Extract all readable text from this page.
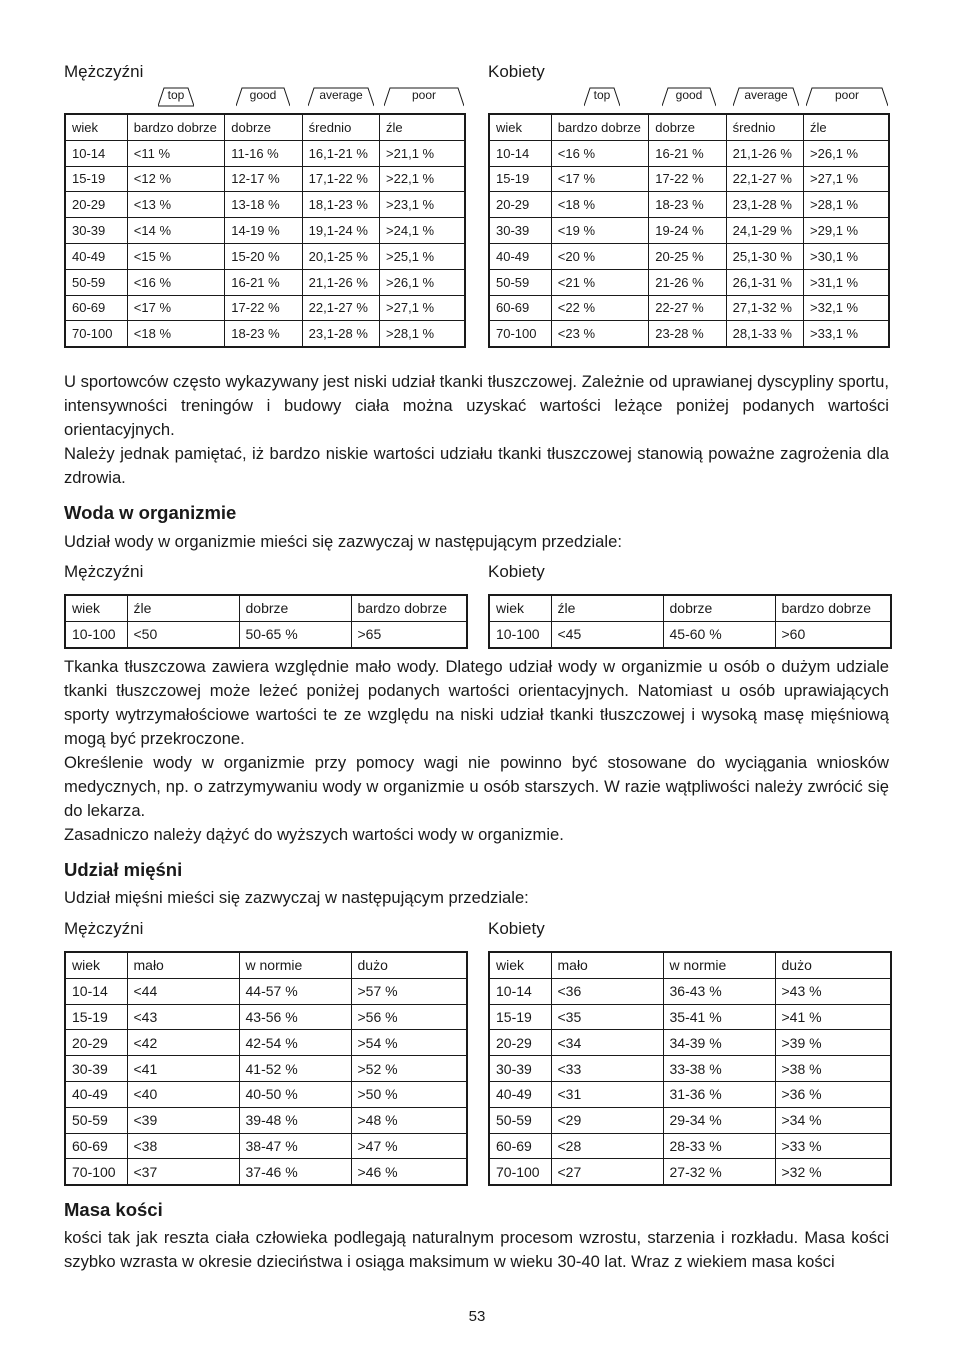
Mężczyźni	Kobiety
top	good	average	poor	top	good	average	poor
wiek	bardzo dobrze	dobrze	średnio	źle
10-14	<11 %	11-16 %	16,1-21 %	>21,1 %
15-19	<12 %	12-17 %	17,1-22 %	>22,1 %
20-29	<13 %	13-18 %	18,1-23 %	>23,1 %
30-39	<14 %	14-19 %	19,1-24 %	>24,1 %
40-49	<15 %	15-20 %	20,1-25 %	>25,1 %
50-59	<16 %	16-21 %	21,1-26 %	>26,1 %
60-69	<17 %	17-22 %	22,1-27 %	>27,1 %
70-100	<18 %	18-23 %	23,1-28 %	>28,1 %
wiek	bardzo dobrze	dobrze	średnio	źle
10-14	<16 %	16-21 %	21,1-26 %	>26,1 %
15-19	<17 %	17-22 %	22,1-27 %	>27,1 %
20-29	<18 %	18-23 %	23,1-28 %	>28,1 %
30-39	<19 %	19-24 %	24,1-29 %	>29,1 %
40-49	<20 %	20-25 %	25,1-30 %	>30,1 %
50-59	<21 %	21-26 %	26,1-31 %	>31,1 %
60-69	<22 %	22-27 %	27,1-32 %	>32,1 %
70-100	<23 %	23-28 %	28,1-33 %	>33,1 %

U sportowców często wykazywany jest niski udział tkanki tłuszczowej. Zależnie od uprawianej dyscypliny sportu, intensywności treningów i budowy ciała można uzyskać wartości leżące poniżej podanych wartości orientacyjnych.

Należy jednak pamiętać, iż bardzo niskie wartości udziału tkanki tłuszczowej stanowią poważne zagrożenia dla zdrowia.

Woda w organizmie
Udział wody w organizmie mieści się zazwyczaj w następującym przedziale:
Mężczyźni	Kobiety
wiek	źle	dobrze	bardzo dobrze
10-100	<50	50-65 %	>65
wiek	źle	dobrze	bardzo dobrze
10-100	<45	45-60 %	>60

Tkanka tłuszczowa zawiera względnie mało wody. Dlatego udział wody w organizmie u osób o dużym udziale tkanki tłuszczowej może leżeć poniżej podanych wartości orientacyjnych. Natomiast u osób uprawiających sporty wytrzymałościowe wartości te ze względu na niski udział tkanki tłuszczowej i wysoką masę mięśniową mogą być przekroczone.

Określenie wody w organizmie przy pomocy wagi nie powinno być stosowane do wyciągania wniosków medycznych, np. o zatrzymywaniu wody w organizmie u osób starszych. W razie wątpliwości należy zwrócić się do lekarza.

Zasadniczo należy dążyć do wyższych wartości wody w organizmie.

Udział mięśni
Udział mięśni mieści się zazwyczaj w następującym przedziale:
Mężczyźni	Kobiety
wiek	mało	w normie	dużo
10-14	<44	44-57 %	>57 %
15-19	<43	43-56 %	>56 %
20-29	<42	42-54 %	>54 %
30-39	<41	41-52 %	>52 %
40-49	<40	40-50 %	>50 %
50-59	<39	39-48 %	>48 %
60-69	<38	38-47 %	>47 %
70-100	<37	37-46 %	>46 %
wiek	mało	w normie	dużo
10-14	<36	36-43 %	>43 %
15-19	<35	35-41 %	>41 %
20-29	<34	34-39 %	>39 %
30-39	<33	33-38 %	>38 %
40-49	<31	31-36 %	>36 %
50-59	<29	29-34 %	>34 %
60-69	<28	28-33 %	>33 %
70-100	<27	27-32 %	>32 %
Masa kości
kości tak jak reszta ciała człowieka podlegają naturalnym procesom wzrostu, starzenia i rozkładu. Masa kości szybko wzrasta w okresie dzieciństwa i osiąga maksimum w wieku 30-40 lat. Wraz z wiekiem masa kości
53
